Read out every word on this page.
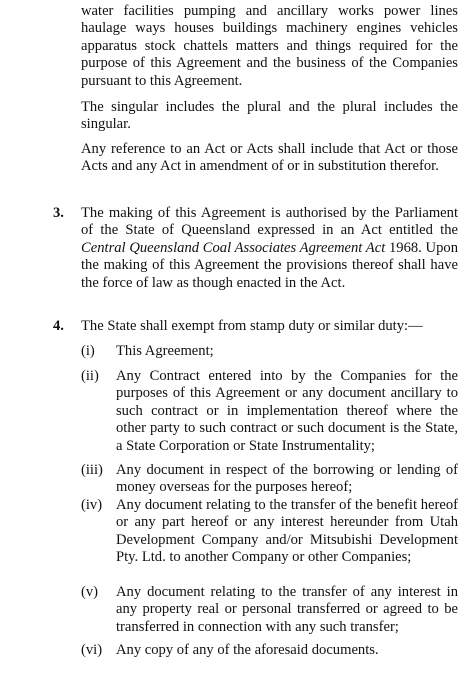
water facilities pumping and ancillary works power lines haulage ways houses buildings machinery engines vehicles apparatus stock chattels matters and things required for the purpose of this Agreement and the business of the Companies pursuant to this Agreement.

The singular includes the plural and the plural includes the singular.

Any reference to an Act or Acts shall include that Act or those Acts and any Act in amendment of or in substitution therefor.

3. The making of this Agreement is authorised by the Parliament of the State of Queensland expressed in an Act entitled the Central Queensland Coal Associates Agreement Act 1968. Upon the making of this Agreement the provisions thereof shall have the force of law as though enacted in the Act.

4. The State shall exempt from stamp duty or similar duty:—

(i)	This Agreement;

(ii)	Any Contract entered into by the Companies for the purposes of this Agreement or any document ancillary to such contract or in implementation thereof where the other party to such contract or such document is the State, a State Corporation or State Instrumentality;

(iii) Any document in respect of the borrowing or lending of money overseas for the purposes hereof;

(iv) Any document relating to the transfer of the benefit hereof or any part hereof or any interest hereunder from Utah Development Company and/or Mitsubishi Development Pty. Ltd. to another Company or other Companies;

(v)	Any document relating to the transfer of any interest in any property real or personal transferred or agreed to be transferred in connection with any such transfer;

(vi) Any copy of any of the aforesaid documents.
